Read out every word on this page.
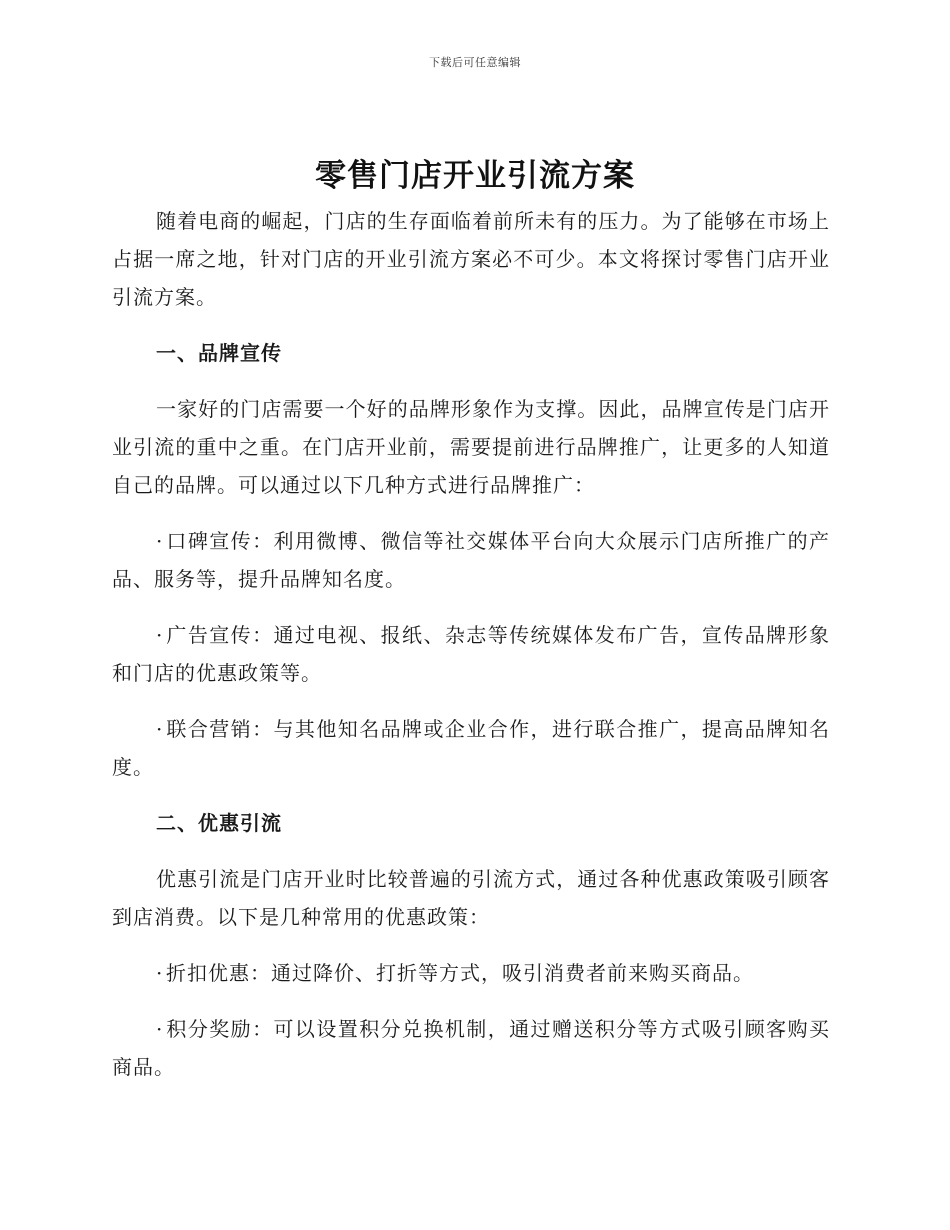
下载后可任意编辑
零售门店开业引流方案

随着电商的崛起，门店的生存面临着前所未有的压力。为了能够在市场上占据一席之地，针对门店的开业引流方案必不可少。本文将探讨零售门店开业引流方案。

一、品牌宣传

一家好的门店需要一个好的品牌形象作为支撑。因此，品牌宣传是门店开业引流的重中之重。在门店开业前，需要提前进行品牌推广，让更多的人知道自己的品牌。可以通过以下几种方式进行品牌推广：

· 口碑宣传：利用微博、微信等社交媒体平台向大众展示门店所推广的产品、服务等，提升品牌知名度。

· 广告宣传：通过电视、报纸、杂志等传统媒体发布广告，宣传品牌形象和门店的优惠政策等。

· 联合营销：与其他知名品牌或企业合作，进行联合推广，提高品牌知名度。

二、优惠引流

优惠引流是门店开业时比较普遍的引流方式，通过各种优惠政策吸引顾客到店消费。以下是几种常用的优惠政策：

· 折扣优惠：通过降价、打折等方式，吸引消费者前来购买商品。

· 积分奖励：可以设置积分兑换机制，通过赠送积分等方式吸引顾客购买商品。
